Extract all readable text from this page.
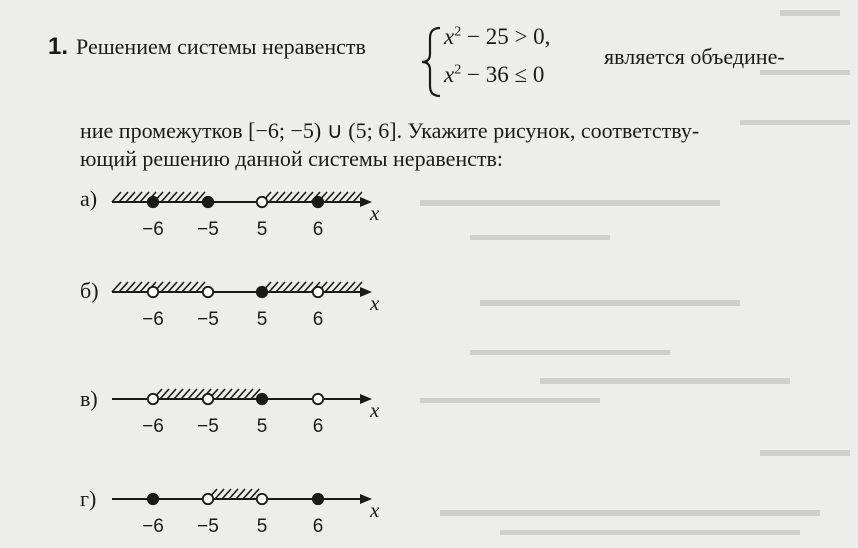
1. Решением системы неравенств	$x^2 - 25 > 0$,
$x^2 - 36 \le 0$
является объедине-
ние промежутков [−6; −5) ∪ (5; 6]. Укажите рисунок, соответству-
ющий решению данной системы неравенств:
а)
б)
в)
г)
x
−6 −5 5 6
x
−6 −5 5 6
x
−6 −5 5 6
x
−6 −5 5 6
